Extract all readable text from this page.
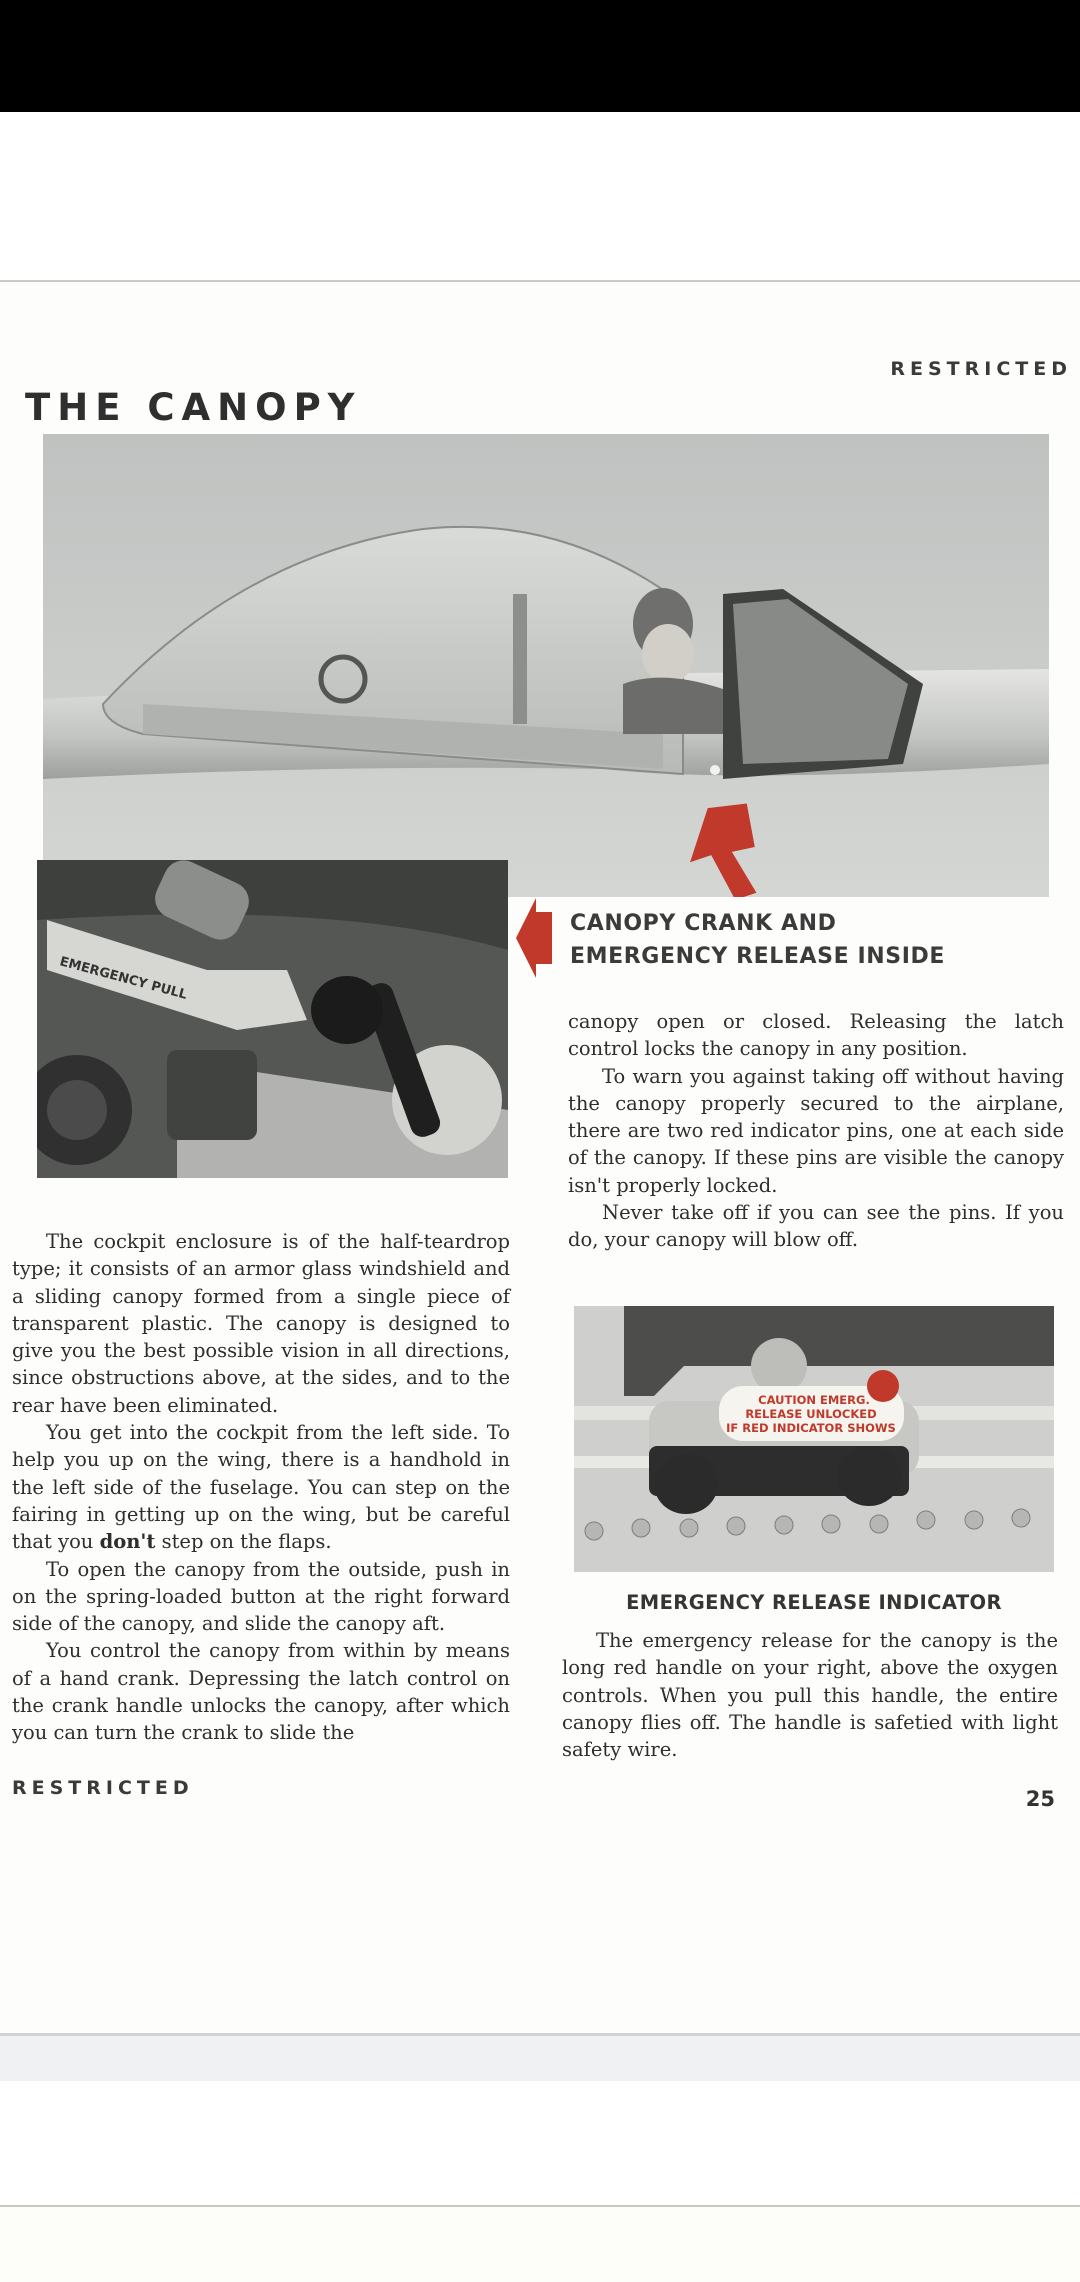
RESTRICTED
THE CANOPY
EMERGENCY PULL
CANOPY CRANK AND
EMERGENCY RELEASE INSIDE

canopy open or closed. Releasing the latch control locks the canopy in any position.

To warn you against taking off without having the canopy properly secured to the airplane, there are two red indicator pins, one at each side of the canopy. If these pins are visible the canopy isn't properly locked.

Never take off if you can see the pins. If you do, your canopy will blow off.

The cockpit enclosure is of the half-teardrop type; it consists of an armor glass windshield and a sliding canopy formed from a single piece of transparent plastic. The canopy is designed to give you the best possible vision in all directions, since obstructions above, at the sides, and to the rear have been eliminated.

You get into the cockpit from the left side. To help you up on the wing, there is a handhold in the left side of the fuselage. You can step on the fairing in getting up on the wing, but be careful that you don't step on the flaps.

To open the canopy from the outside, push in on the spring-loaded button at the right forward side of the canopy, and slide the canopy aft.

You control the canopy from within by means of a hand crank. Depressing the latch control on the crank handle unlocks the canopy, after which you can turn the crank to slide the

CAUTION EMERG.
RELEASE UNLOCKED
IF RED INDICATOR SHOWS
EMERGENCY RELEASE INDICATOR

The emergency release for the canopy is the long red handle on your right, above the oxygen controls. When you pull this handle, the entire canopy flies off. The handle is safetied with light safety wire.

RESTRICTED	25
